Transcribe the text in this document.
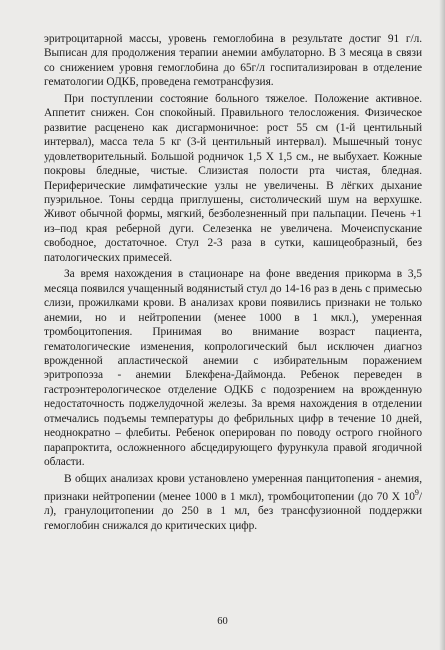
эритроцитарной массы, уровень гемоглобина в результате достиг 91 г/л. Выписан для продолжения терапии анемии амбулаторно. В 3 месяца в связи со снижением уровня гемоглобина до 65г/л госпитализирован в отделение гематологии ОДКБ, проведена гемотрансфузия.

При поступлении состояние больного тяжелое. Положение активное. Аппетит снижен. Сон спокойный. Правильного телосложения. Физическое развитие расценено как дисгармоничное: рост 55 см (1-й центильный интервал), масса тела 5 кг (3-й центильный интервал). Мышечный тонус удовлетворительный. Большой родничок 1,5 Х 1,5 см., не выбухает. Кожные покровы бледные, чистые. Слизистая полости рта чистая, бледная. Периферические лимфатические узлы не увеличены. В лёгких дыхание пуэрильное. Тоны сердца приглушены, систолический шум на верхушке. Живот обычной формы, мягкий, безболезненный при пальпации. Печень +1 из–под края реберной дуги. Селезенка не увеличена. Мочеиспускание свободное, достаточное. Стул 2-3 раза в сутки, кашицеобразный, без патологических примесей.

За время нахождения в стационаре на фоне введения прикорма в 3,5 месяца появился учащенный водянистый стул до 14-16 раз в день с примесью слизи, прожилками крови. В анализах крови появились признаки не только анемии, но и нейтропении (менее 1000 в 1 мкл.), умеренная тромбоцитопения. Принимая во внимание возраст пациента, гематологические изменения, копрологический был исключен диагноз врожденной апластической анемии с избирательным поражением эритропоэза - анемии Блекфена-Даймонда. Ребенок переведен в гастроэнтерологическое отделение ОДКБ с подозрением на врожденную недостаточность поджелудочной железы. За время нахождения в отделении отмечались подъемы температуры до фебрильных цифр в течение 10 дней, неоднократно – флебиты. Ребенок оперирован по поводу острого гнойного парапроктита, осложненного абсцедирующего фурункула правой ягодичной области.

В общих анализах крови установлено умеренная панцитопения - анемия, признаки нейтропении (менее 1000 в 1 мкл), тромбоцитопении (до 70 Х $10^9/л$), гранулоцитопении до 250 в 1 мл, без трансфузионной поддержки гемоглобин снижался до критических цифр.

60
